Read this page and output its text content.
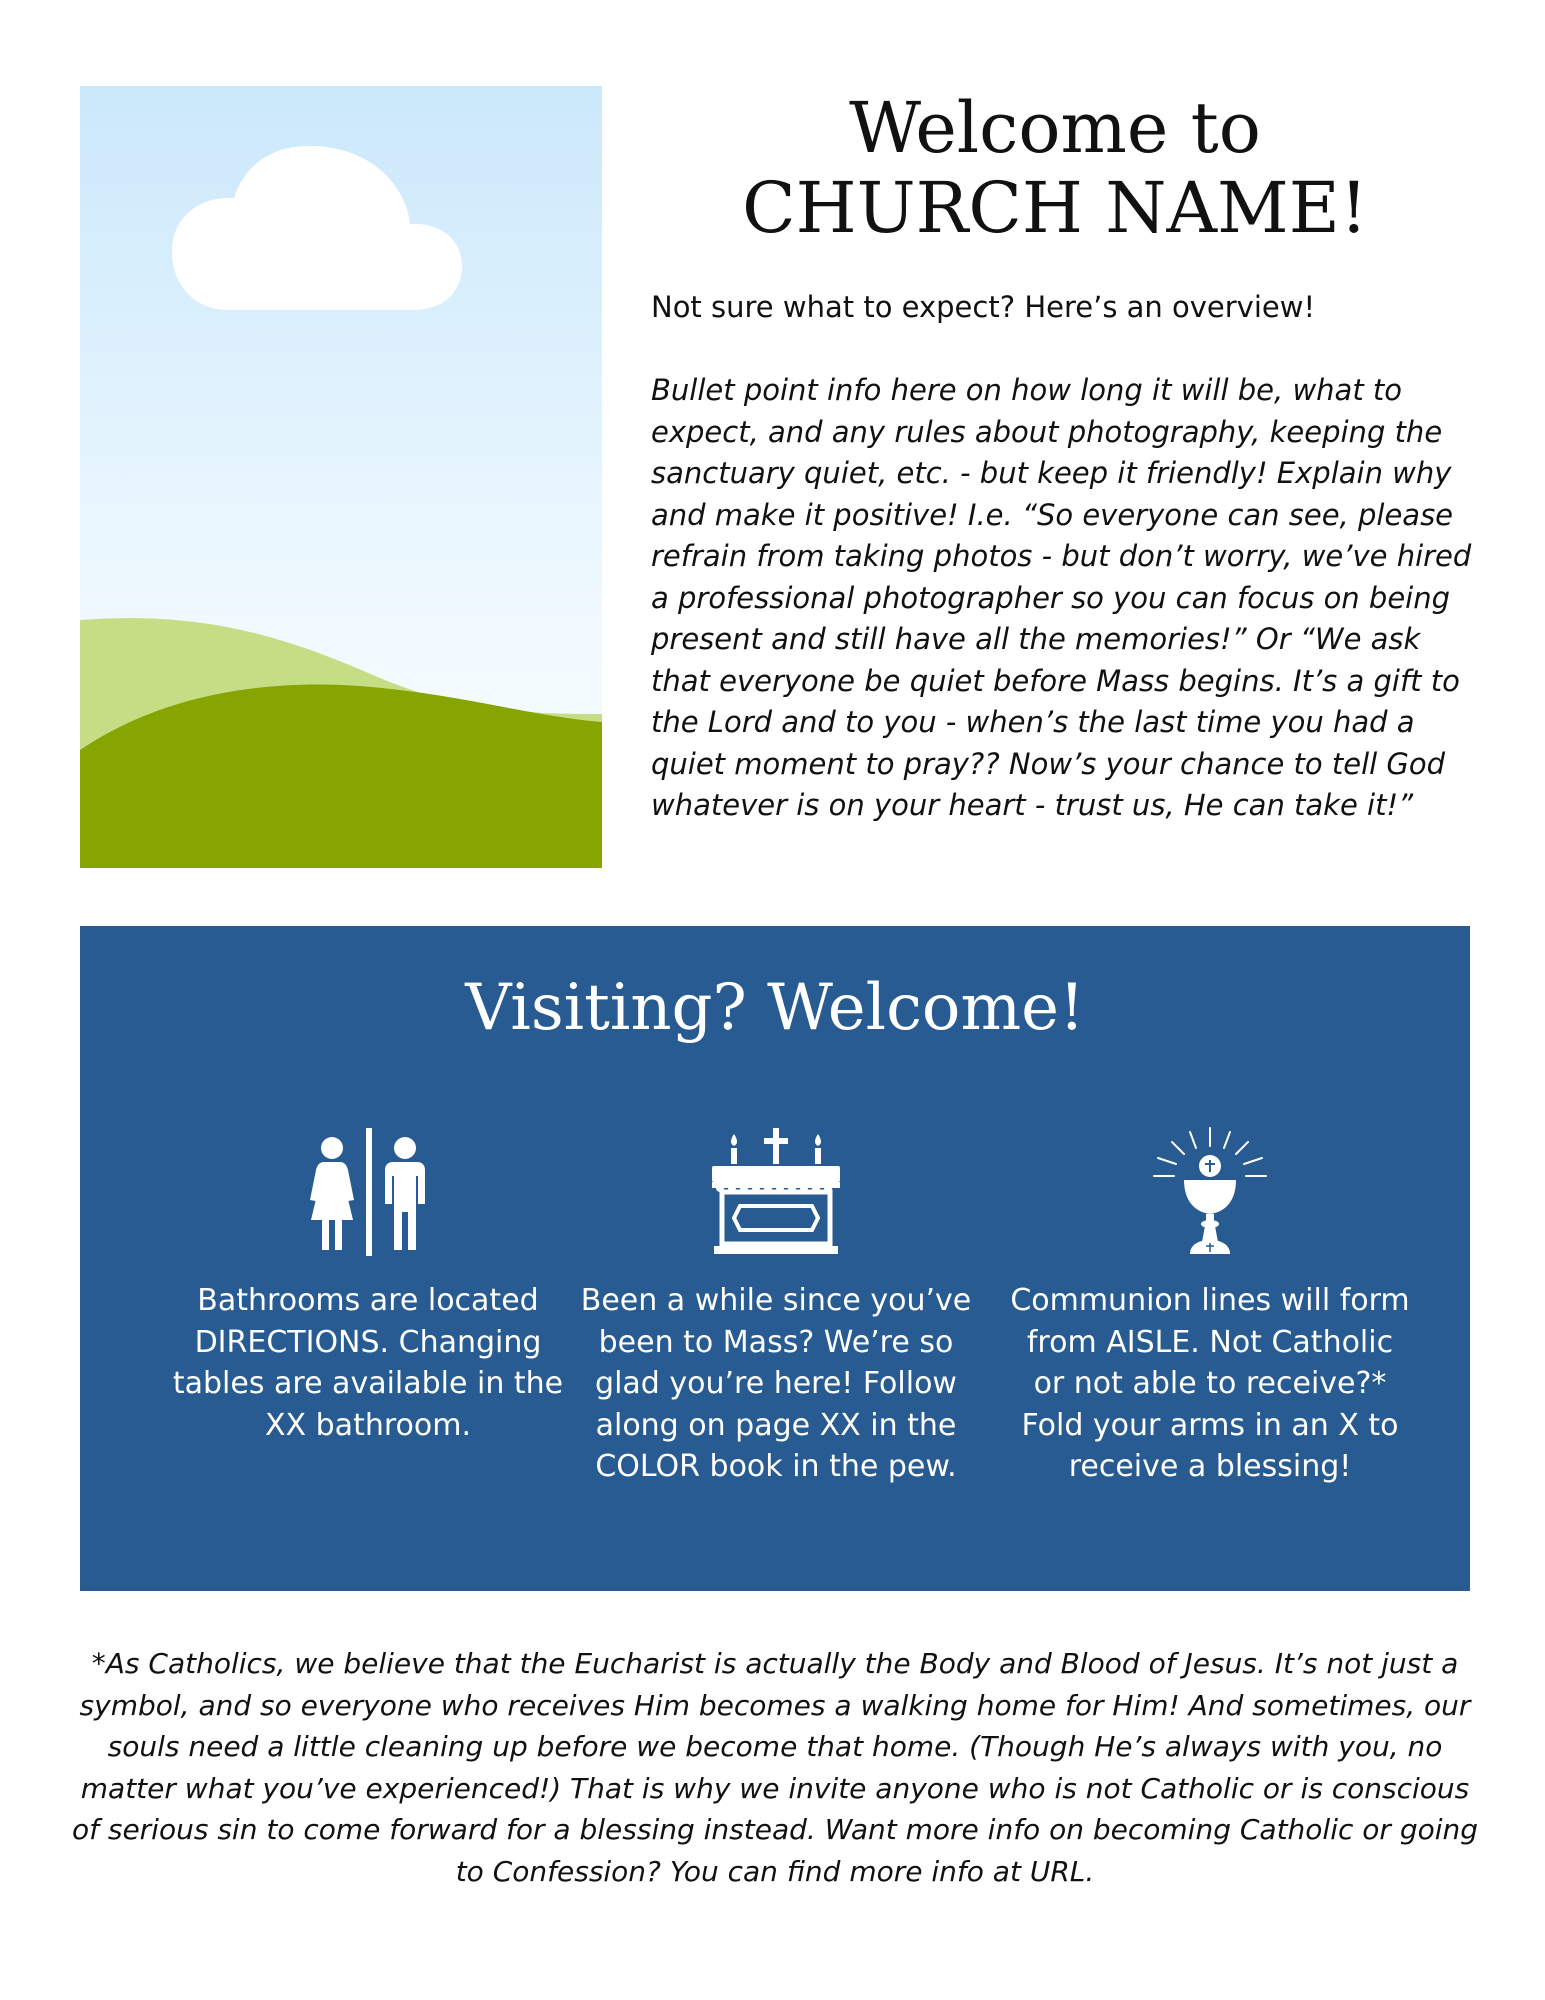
Welcome to
CHURCH NAME!

Not sure what to expect? Here’s an overview!

Bullet point info here on how long it will be, what to expect, and any rules about photography, keeping the sanctuary quiet, etc. - but keep it friendly! Explain why and make it positive! I.e. “So everyone can see, please refrain from taking photos - but don’t worry, we’ve hired a professional photographer so you can focus on being present and still have all the memories!” Or “We ask that everyone be quiet before Mass begins. It’s a gift to the Lord and to you - when’s the last time you had a quiet moment to pray?? Now’s your chance to tell God whatever is on your heart - trust us, He can take it!”

Visiting? Welcome!

Bathrooms are located DIRECTIONS. Changing tables are available in the XX bathroom.

Been a while since you’ve been to Mass? We’re so glad you’re here! Follow along on page XX in the COLOR book in the pew.

Communion lines will form from AISLE. Not Catholic or not able to receive?* Fold your arms in an X to receive a blessing!

*As Catholics, we believe that the Eucharist is actually the Body and Blood of Jesus. It’s not just a symbol, and so everyone who receives Him becomes a walking home for Him! And sometimes, our souls need a little cleaning up before we become that home. (Though He’s always with you, no matter what you’ve experienced!) That is why we invite anyone who is not Catholic or is conscious of serious sin to come forward for a blessing instead. Want more info on becoming Catholic or going to Confession? You can find more info at URL.
